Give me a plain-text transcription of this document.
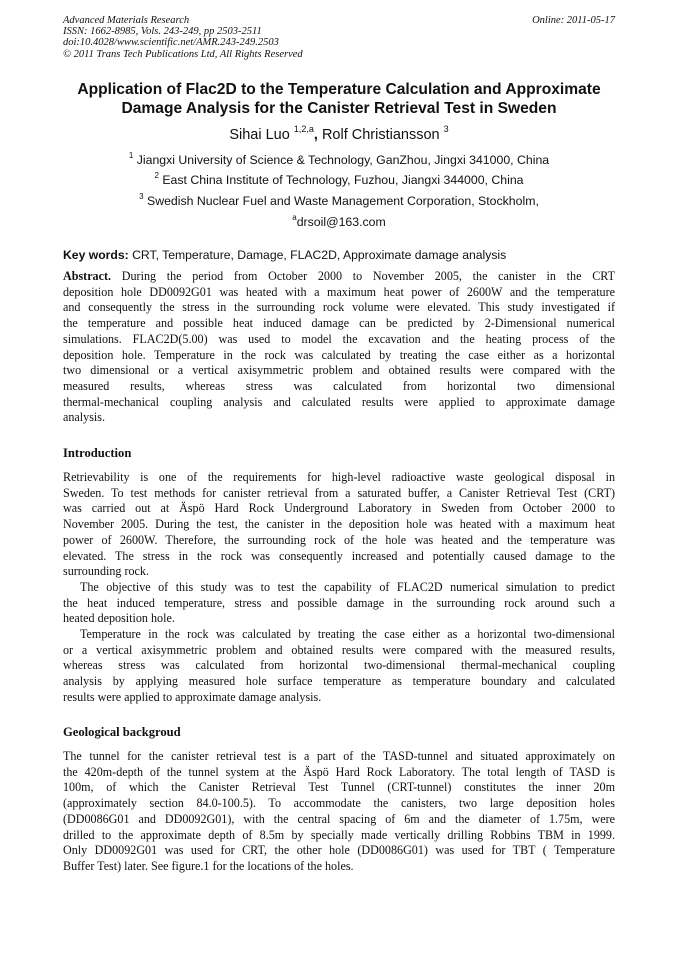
Advanced Materials Research
ISSN: 1662-8985, Vols. 243-249, pp 2503-2511
doi:10.4028/www.scientific.net/AMR.243-249.2503
© 2011 Trans Tech Publications Ltd, All Rights Reserved
Online: 2011-05-17
Application of Flac2D to the Temperature Calculation and Approximate
Damage Analysis for the Canister Retrieval Test in Sweden
Sihai Luo $^{1,2,a}$, Rolf Christiansson $^3$
$^1$ Jiangxi University of Science & Technology, GanZhou, Jingxi 341000, China
$^2$ East China Institute of Technology, Fuzhou, Jiangxi 344000, China
$^3$ Swedish Nuclear Fuel and Waste Management Corporation, Stockholm,
$^a$drsoil@163.com
Key words: CRT, Temperature, Damage, FLAC2D, Approximate damage analysis
Abstract. During the period from October 2000 to November 2005, the canister in the CRT
deposition hole DD0092G01 was heated with a maximum heat power of 2600W and the temperature
and consequently the stress in the surrounding rock volume were elevated. This study investigated if
the temperature and possible heat induced damage can be predicted by 2-Dimensional numerical
simulations. FLAC2D(5.00) was used to model the excavation and the heating process of the
deposition hole. Temperature in the rock was calculated by treating the case either as a horizontal
two dimensional or a vertical axisymmetric problem and obtained results were compared with the
measured results, whereas stress was calculated from horizontal two dimensional
thermal-mechanical coupling analysis and calculated results were applied to approximate damage
analysis.
Introduction
Retrievability is one of the requirements for high-level radioactive waste geological disposal in
Sweden. To test methods for canister retrieval from a saturated buffer, a Canister Retrieval Test (CRT)
was carried out at Äspö Hard Rock Underground Laboratory in Sweden from October 2000 to
November 2005. During the test, the canister in the deposition hole was heated with a maximum heat
power of 2600W. Therefore, the surrounding rock of the hole was heated and the temperature was
elevated. The stress in the rock was consequently increased and potentially caused damage to the
surrounding rock.
The objective of this study was to test the capability of FLAC2D numerical simulation to predict
the heat induced temperature, stress and possible damage in the surrounding rock around such a
heated deposition hole.
Temperature in the rock was calculated by treating the case either as a horizontal two-dimensional
or a vertical axisymmetric problem and obtained results were compared with the measured results,
whereas stress was calculated from horizontal two-dimensional thermal-mechanical coupling
analysis by applying measured hole surface temperature as temperature boundary and calculated
results were applied to approximate damage analysis.
Geological backgroud
The tunnel for the canister retrieval test is a part of the TASD-tunnel and situated approximately on
the 420m-depth of the tunnel system at the Äspö Hard Rock Laboratory. The total length of TASD is
100m, of which the Canister Retrieval Test Tunnel (CRT-tunnel) constitutes the inner 20m
(approximately section 84.0-100.5). To accommodate the canisters, two large deposition holes
(DD0086G01 and DD0092G01), with the central spacing of 6m and the diameter of 1.75m, were
drilled to the approximate depth of 8.5m by specially made vertically drilling Robbins TBM in 1999.
Only DD0092G01 was used for CRT, the other hole (DD0086G01) was used for TBT ( Temperature
Buffer Test) later. See figure.1 for the locations of the holes.
